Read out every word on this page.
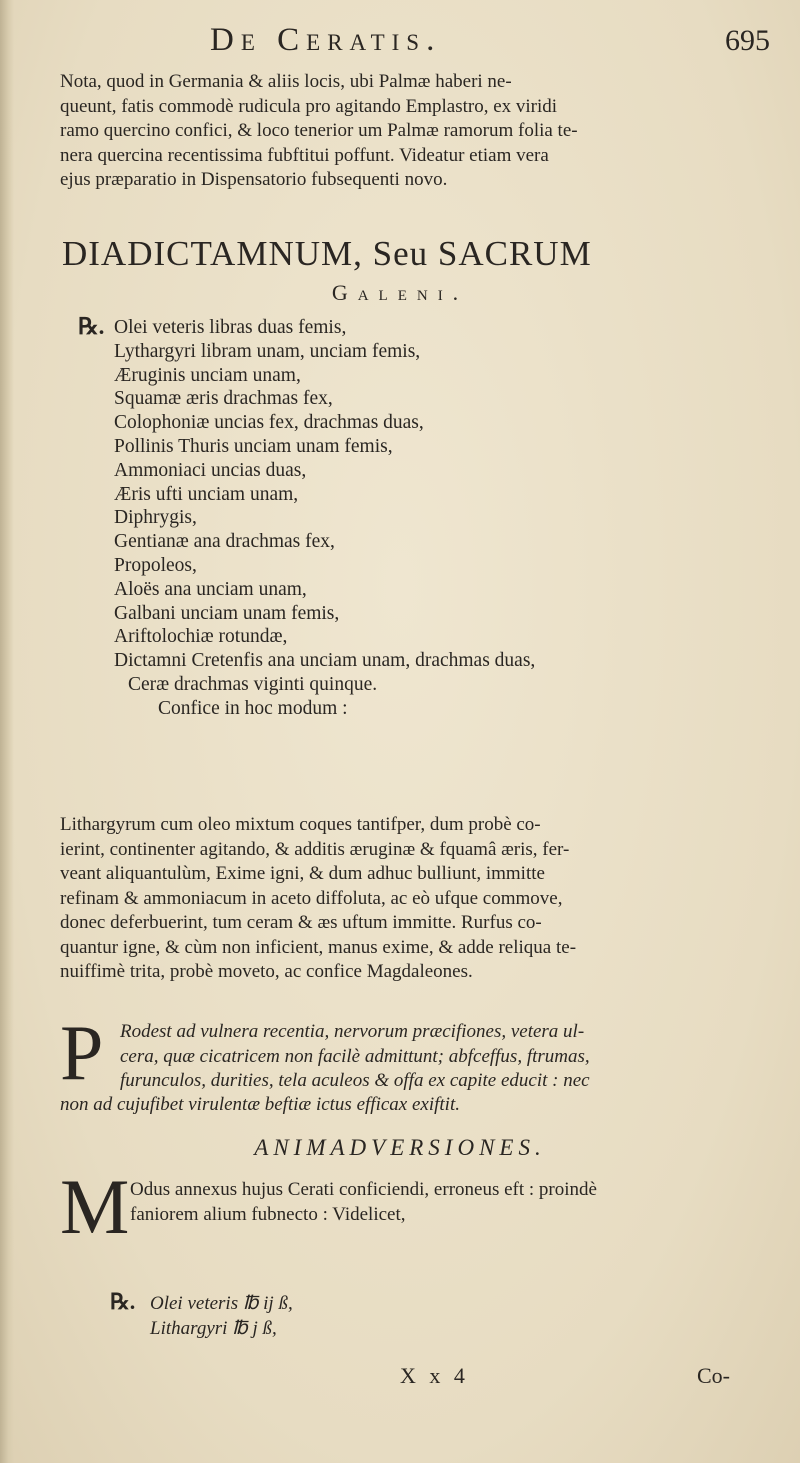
De Ceratis.	695
Nota, quod in Germania & aliis locis, ubi Palmæ haberi ne-
queunt, fatis commodè rudicula pro agitando Emplastro, ex viridi
ramo quercino confici, & loco tenerior um Palmæ ramorum folia te-
nera quercina recentissima fubftitui poffunt. Videatur etiam vera
ejus præparatio in Dispensatorio fubsequenti novo.
DIADICTAMNUM, Seu SACRUM
Galeni.
℞. Olei veteris libras duas femis,
Lythargyri libram unam, unciam femis,
Æruginis unciam unam,
Squamæ æris drachmas fex,
Colophoniæ uncias fex, drachmas duas,
Pollinis Thuris unciam unam femis,
Ammoniaci uncias duas,
Æris ufti unciam unam,
Diphrygis,
Gentianæ ana drachmas fex,
Propoleos,
Aloës ana unciam unam,
Galbani unciam unam femis,
Ariftolochiæ rotundæ,
Dictamni Cretenfis ana unciam unam, drachmas duas,
Ceræ drachmas viginti quinque.
Confice in hoc modum :
Lithargyrum cum oleo mixtum coques tantifper, dum probè co-
ierint, continenter agitando, & additis æruginæ & fquamâ æris, fer-
veant aliquantulùm, Exime igni, & dum adhuc bulliunt, immitte
refinam & ammoniacum in aceto diffoluta, ac eò ufque commove,
donec deferbuerint, tum ceram & æs uftum immitte. Rurfus co-
quantur igne, & cùm non inficient, manus exime, & adde reliqua te-
nuiffimè trita, probè moveto, ac confice Magdaleones.
P Rodest ad vulnera recentia, nervorum præcifiones, vetera ul-
cera, quæ cicatricem non facilè admittunt; abfceffus, ftrumas,
furunculos, durities, tela aculeos & offa ex capite educit : nec
non ad cujufibet virulentæ beftiæ ictus efficax exiftit.
ANIMADVERSIONES.
M Odus annexus hujus Cerati conficiendi, erroneus eft : proindè
faniorem alium fubnecto : Videlicet,
℞. Olei veteris ℔ ij ß,
Lithargyri ℔ j ß,
X x 4	Co-
